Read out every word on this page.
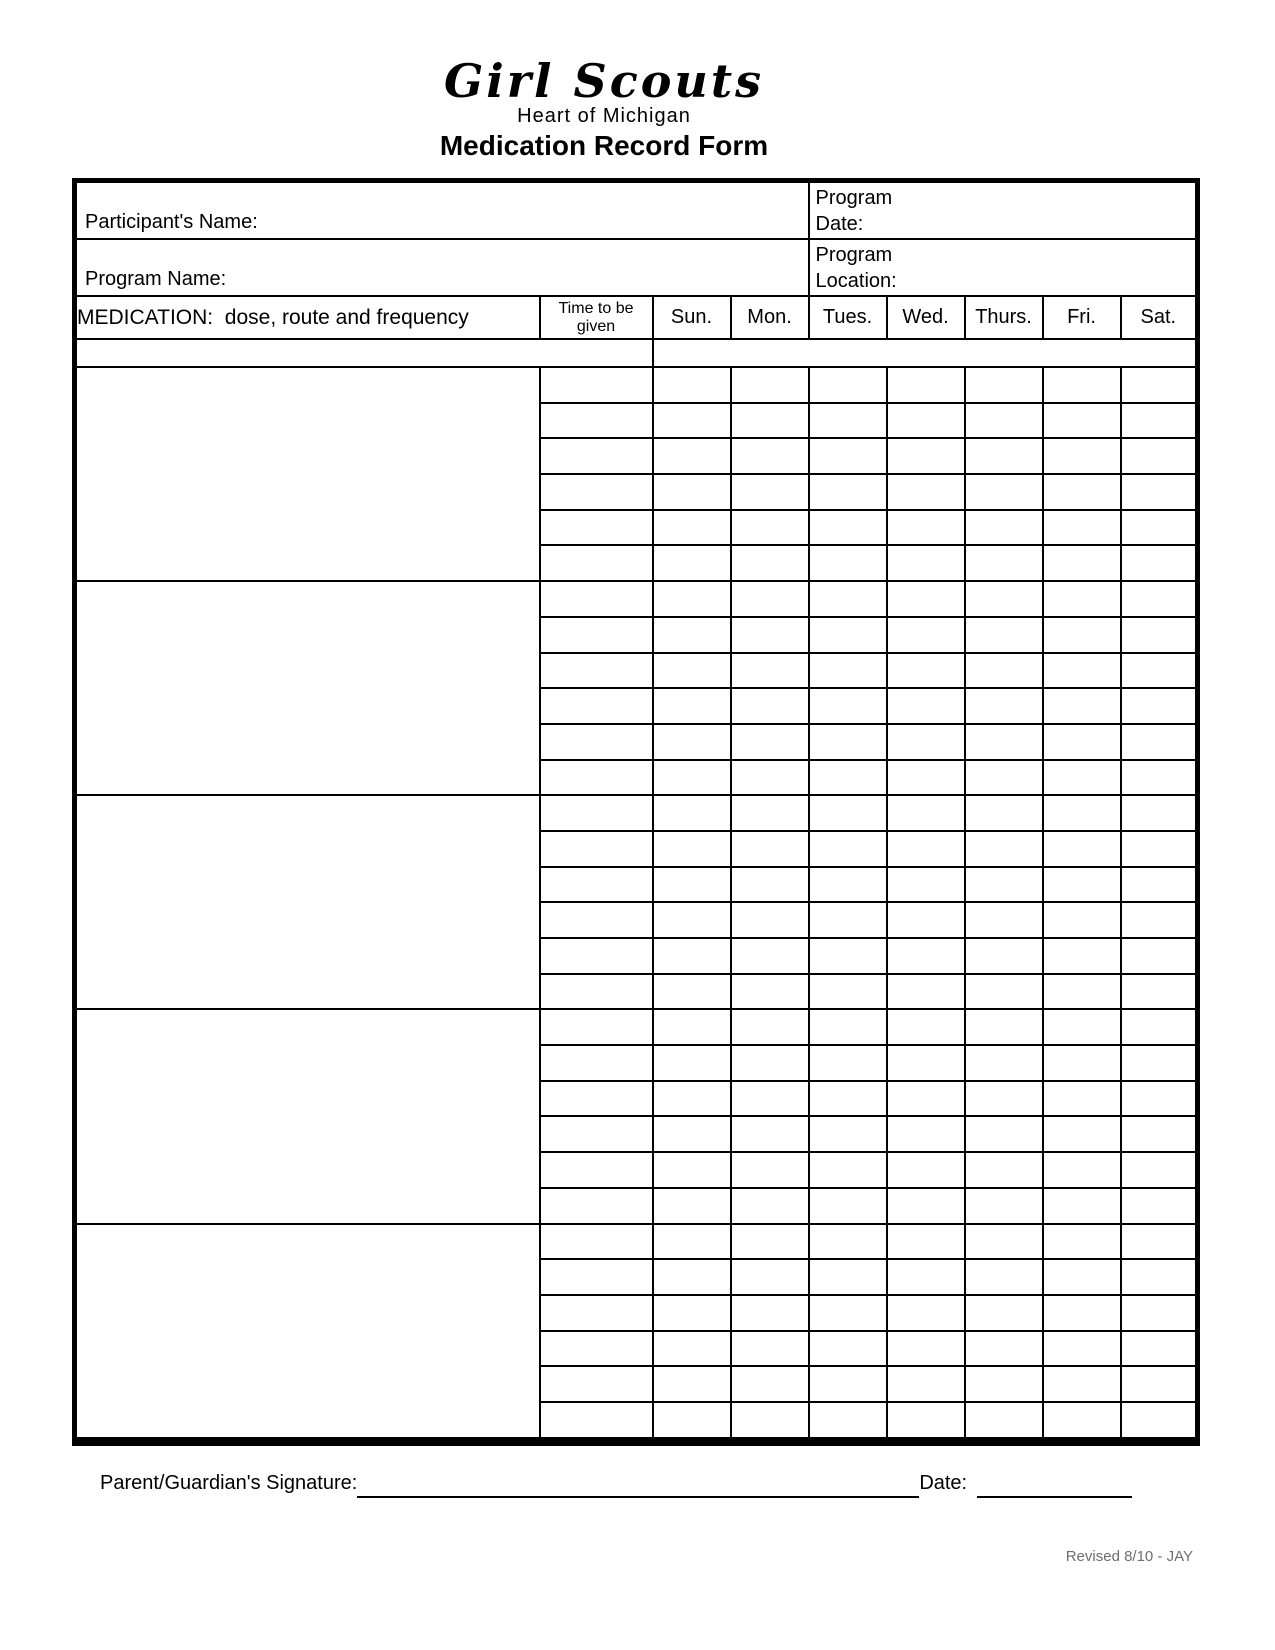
Girl Scouts
Heart of Michigan
Medication Record Form
Participant's Name:				Program
Date:				

Program Name:				Program
Location:				

MEDICATION:  dose, route and frequency	Time to be
given	Sun.	Mon.	Tues.	Wed.	Thurs.	Fri.	Sat.
Parent: List medications to be given and how and when to be given		First Aider/Health Officer: Initial and note time medicaiton is given						

Parent/Guardian's Signature:	Date:
Revised 8/10 - JAY
